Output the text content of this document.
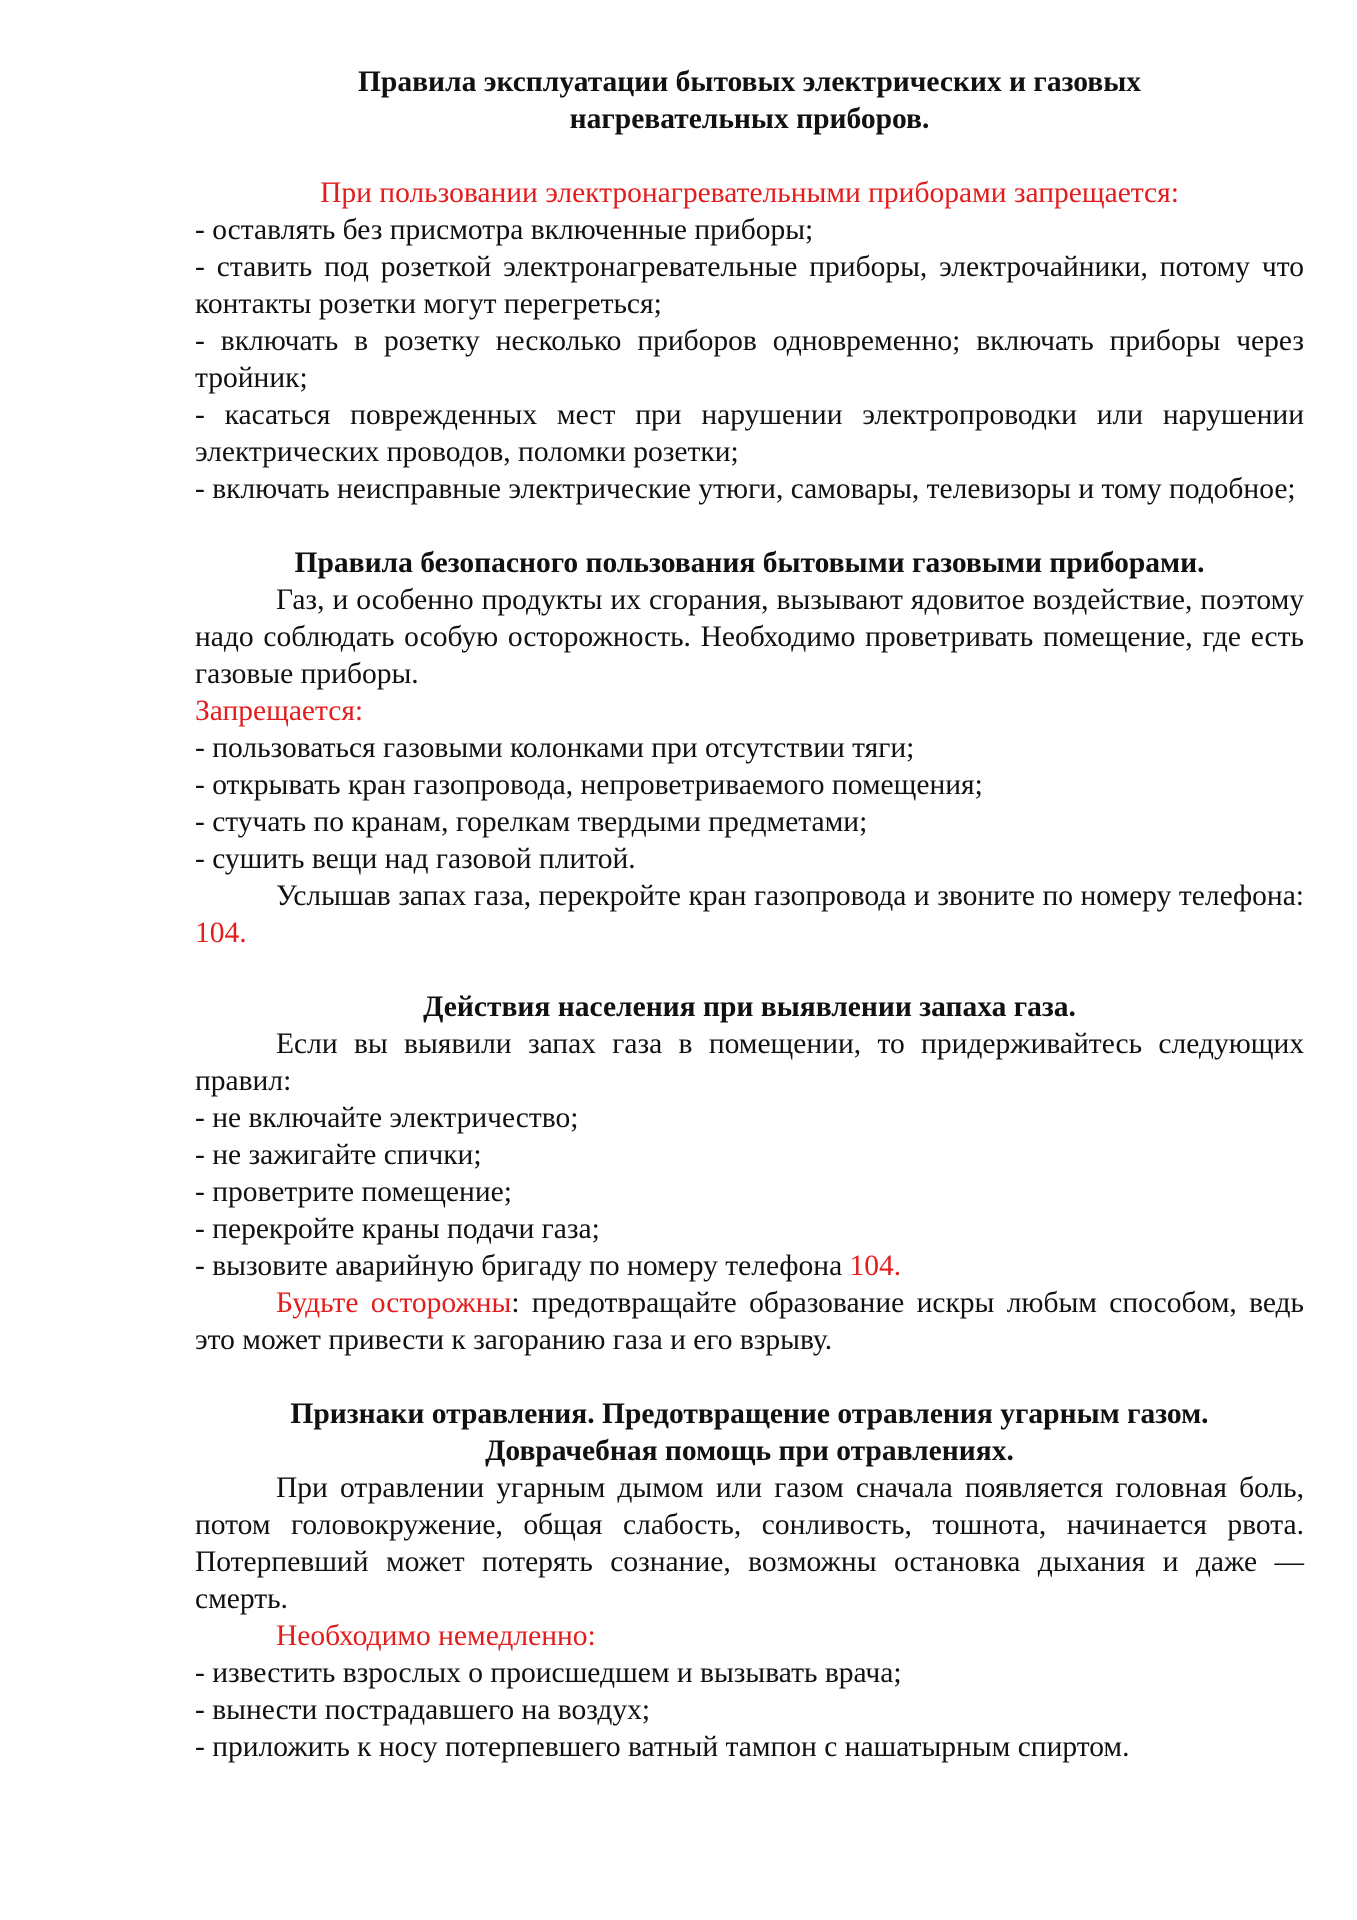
Правила эксплуатации бытовых электрических и газовых
нагревательных приборов.

При пользовании электронагревательными приборами запрещается:

- оставлять без присмотра включенные приборы;

- ставить под розеткой электронагревательные приборы, электрочайники, потому что контакты розетки могут перегреться;

- включать в розетку несколько приборов одновременно; включать приборы через тройник;

- касаться поврежденных мест при нарушении электропроводки или нарушении электрических проводов, поломки розетки;

- включать неисправные электрические утюги, самовары, телевизоры и тому подобное;

Правила безопасного пользования бытовыми газовыми приборами.

Газ, и особенно продукты их сгорания, вызывают ядовитое воздействие, поэтому надо соблюдать особую осторожность. Необходимо проветривать помещение, где есть газовые приборы.

Запрещается:

- пользоваться газовыми колонками при отсутствии тяги;

- открывать кран газопровода, непроветриваемого помещения;

- стучать по кранам, горелкам твердыми предметами;

- сушить вещи над газовой плитой.

Услышав запах газа, перекройте кран газопровода и звоните по номеру телефона: 104.

Действия населения при выявлении запаха газа.

Если вы выявили запах газа в помещении, то придерживайтесь следующих правил:

- не включайте электричество;

- не зажигайте спички;

- проветрите помещение;

- перекройте краны подачи газа;

- вызовите аварийную бригаду по номеру телефона 104.

Будьте осторожны: предотвращайте образование искры любым способом, ведь это может привести к загоранию газа и его взрыву.

Признаки отравления. Предотвращение отравления угарным газом.
Доврачебная помощь при отравлениях.

При отравлении угарным дымом или газом сначала появляется головная боль, потом головокружение, общая слабость, сонливость, тошнота, начинается рвота. Потерпевший может потерять сознание, возможны остановка дыхания и даже — смерть.

Необходимо немедленно:

- известить взрослых о происшедшем и вызывать врача;

- вынести пострадавшего на воздух;

- приложить к носу потерпевшего ватный тампон с нашатырным спиртом.
